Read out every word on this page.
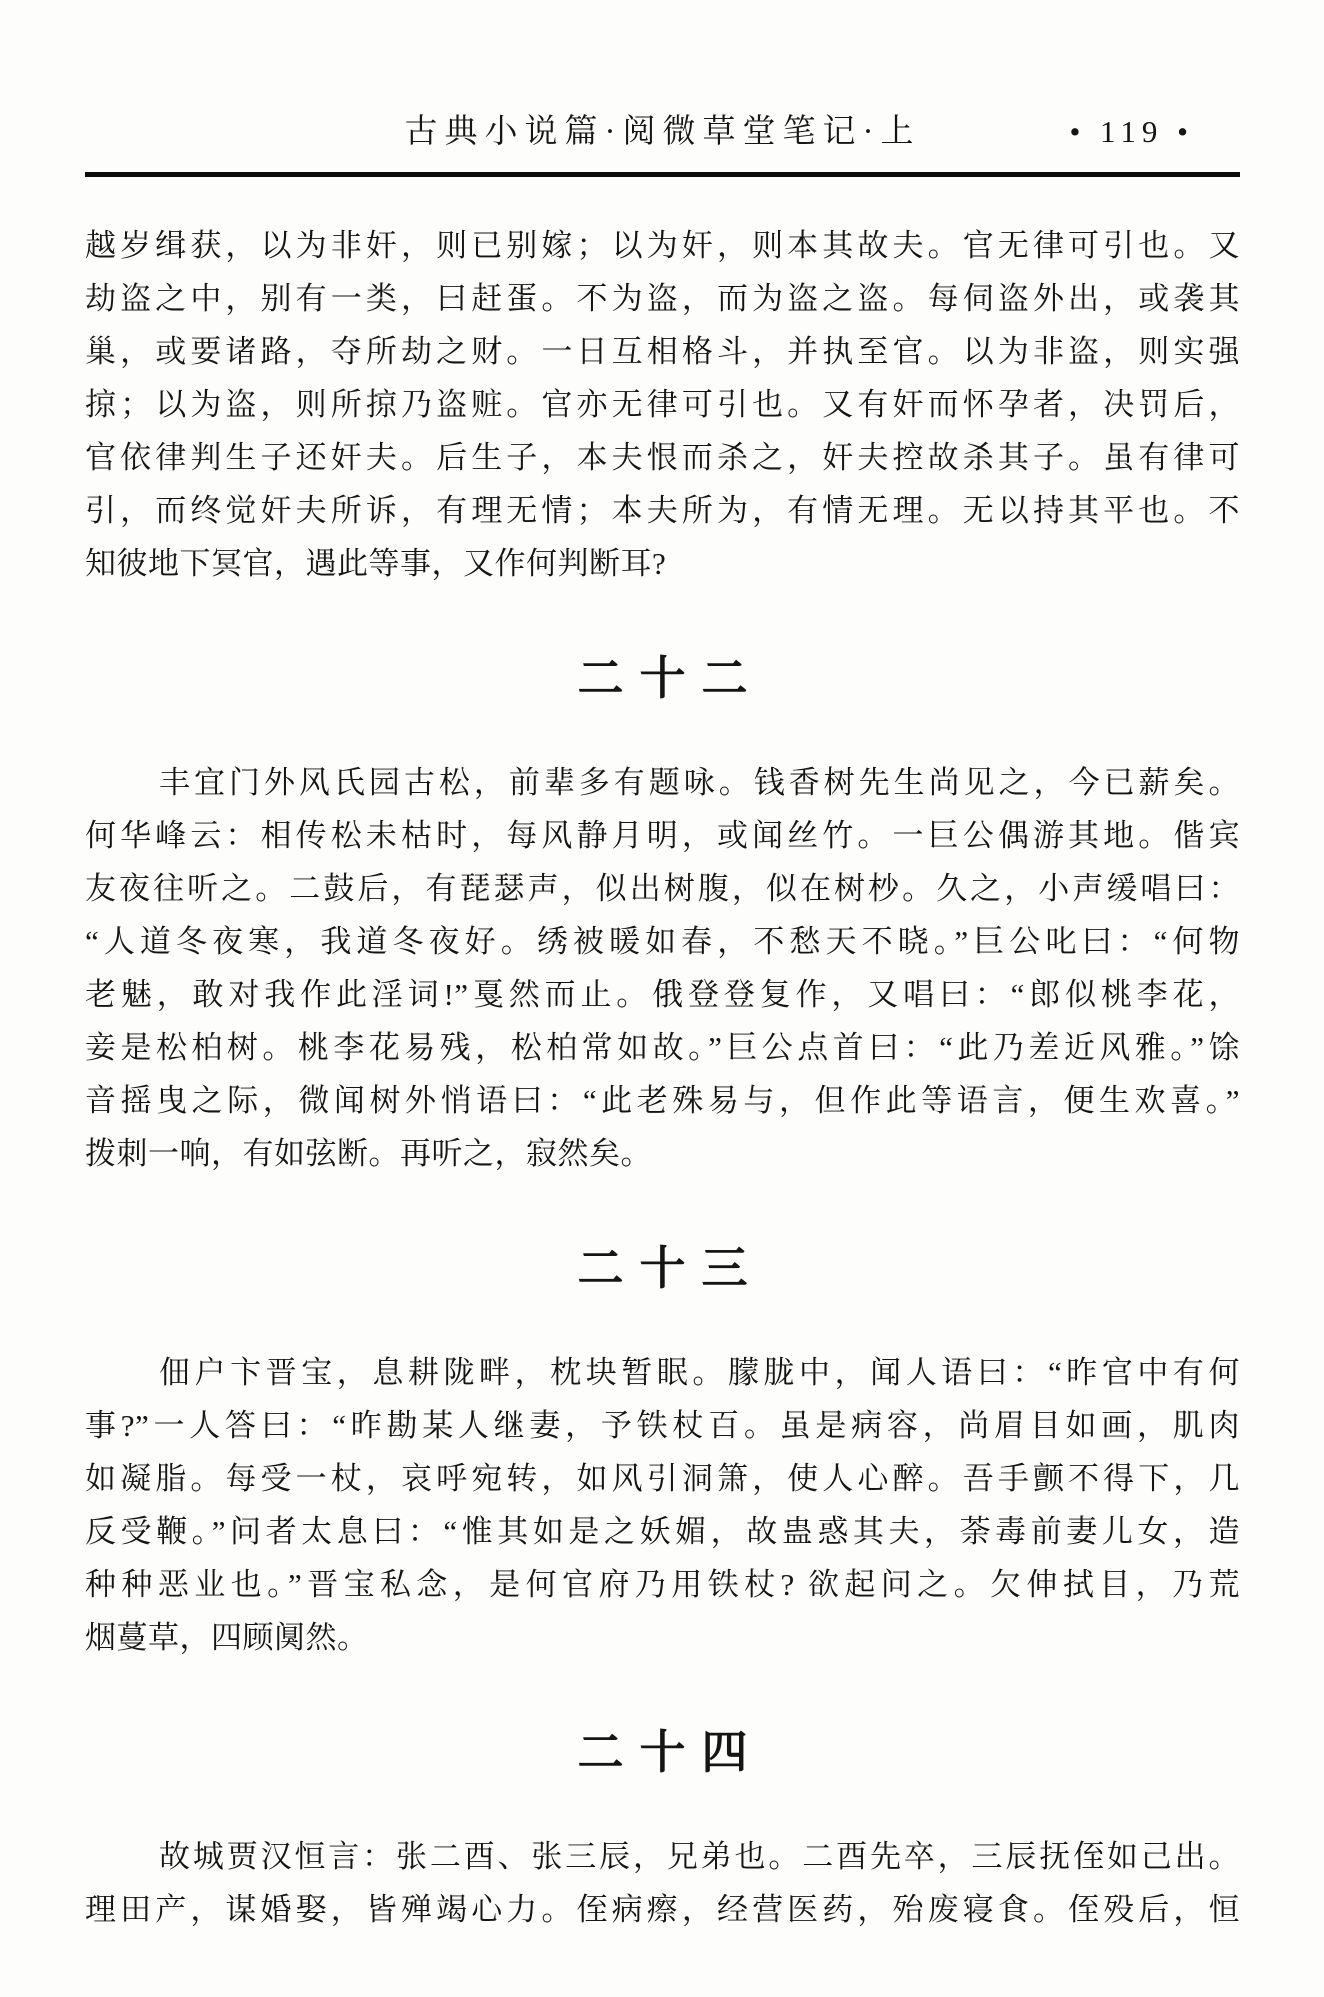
古典小说篇·阅微草堂笔记·上	• 119 •
越岁缉获，以为非奸，则已别嫁；以为奸，则本其故夫。官无律可引也。又
劫盗之中，别有一类，曰赶蛋。不为盗，而为盗之盗。每伺盗外出，或袭其
巢，或要诸路，夺所劫之财。一日互相格斗，并执至官。以为非盗，则实强
掠；以为盗，则所掠乃盗赃。官亦无律可引也。又有奸而怀孕者，决罚后，
官依律判生子还奸夫。后生子，本夫恨而杀之，奸夫控故杀其子。虽有律可
引，而终觉奸夫所诉，有理无情；本夫所为，有情无理。无以持其平也。不
知彼地下冥官，遇此等事，又作何判断耳?
二十二
丰宜门外风氏园古松，前辈多有题咏。钱香树先生尚见之，今已薪矣。
何华峰云：相传松未枯时，每风静月明，或闻丝竹。一巨公偶游其地。偕宾
友夜往听之。二鼓后，有琵瑟声，似出树腹，似在树杪。久之，小声缓唱曰：
“人道冬夜寒，我道冬夜好。绣被暖如春，不愁天不晓。”巨公叱曰：“何物
老魅，敢对我作此淫词!”戛然而止。俄登登复作，又唱曰：“郎似桃李花，
妾是松柏树。桃李花易残，松柏常如故。”巨公点首曰：“此乃差近风雅。”馀
音摇曳之际，微闻树外悄语曰：“此老殊易与，但作此等语言，便生欢喜。”
拨刺一响，有如弦断。再听之，寂然矣。
二十三
佃户卞晋宝，息耕陇畔，枕块暂眠。朦胧中，闻人语曰：“昨官中有何
事?”一人答曰：“昨勘某人继妻，予铁杖百。虽是病容，尚眉目如画，肌肉
如凝脂。每受一杖，哀呼宛转，如风引洞箫，使人心醉。吾手颤不得下，几
反受鞭。”问者太息曰：“惟其如是之妖媚，故蛊惑其夫，荼毒前妻儿女，造
种种恶业也。”晋宝私念，是何官府乃用铁杖? 欲起问之。欠伸拭目，乃荒
烟蔓草，四顾阒然。
二十四
故城贾汉恒言：张二酉、张三辰，兄弟也。二酉先卒，三辰抚侄如己出。
理田产，谋婚娶，皆殚竭心力。侄病瘵，经营医药，殆废寝食。侄殁后，恒
